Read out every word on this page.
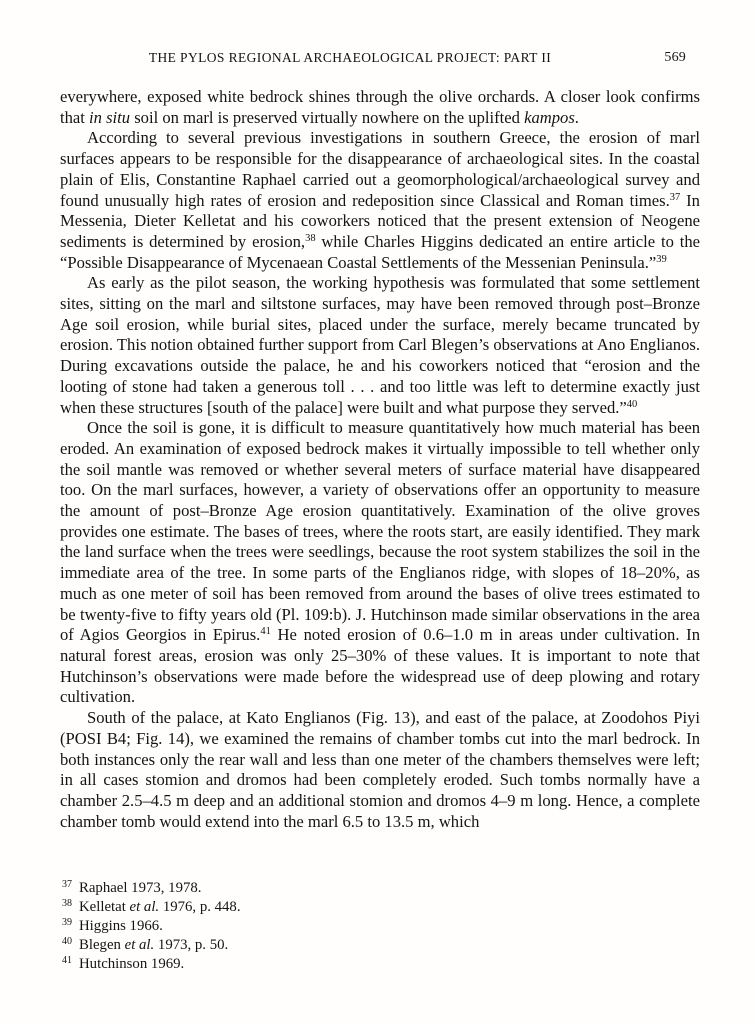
THE PYLOS REGIONAL ARCHAEOLOGICAL PROJECT: PART II	569

everywhere, exposed white bedrock shines through the olive orchards. A closer look confirms that in situ soil on marl is preserved virtually nowhere on the uplifted kampos.

According to several previous investigations in southern Greece, the erosion of marl surfaces appears to be responsible for the disappearance of archaeological sites. In the coastal plain of Elis, Constantine Raphael carried out a geomorphological/archaeological survey and found unusually high rates of erosion and redeposition since Classical and Roman times.$^{37}$ In Messenia, Dieter Kelletat and his coworkers noticed that the present extension of Neogene sediments is determined by erosion,$^{38}$ while Charles Higgins dedicated an entire article to the “Possible Disappearance of Mycenaean Coastal Settlements of the Messenian Peninsula.”$^{39}$

As early as the pilot season, the working hypothesis was formulated that some settlement sites, sitting on the marl and siltstone surfaces, may have been removed through post–Bronze Age soil erosion, while burial sites, placed under the surface, merely became truncated by erosion. This notion obtained further support from Carl Blegen’s observations at Ano Englianos. During excavations outside the palace, he and his coworkers noticed that “erosion and the looting of stone had taken a generous toll . . . and too little was left to determine exactly just when these structures [south of the palace] were built and what purpose they served.”$^{40}$

Once the soil is gone, it is difficult to measure quantitatively how much material has been eroded. An examination of exposed bedrock makes it virtually impossible to tell whether only the soil mantle was removed or whether several meters of surface material have disappeared too. On the marl surfaces, however, a variety of observations offer an opportunity to measure the amount of post–Bronze Age erosion quantitatively. Examination of the olive groves provides one estimate. The bases of trees, where the roots start, are easily identified. They mark the land surface when the trees were seedlings, because the root system stabilizes the soil in the immediate area of the tree. In some parts of the Englianos ridge, with slopes of 18–20%, as much as one meter of soil has been removed from around the bases of olive trees estimated to be twenty-five to fifty years old (Pl. 109:b). J. Hutchinson made similar observations in the area of Agios Georgios in Epirus.$^{41}$ He noted erosion of 0.6–1.0 m in areas under cultivation. In natural forest areas, erosion was only 25–30% of these values. It is important to note that Hutchinson’s observations were made before the widespread use of deep plowing and rotary cultivation.

South of the palace, at Kato Englianos (Fig. 13), and east of the palace, at Zoodohos Piyi (POSI B4; Fig. 14), we examined the remains of chamber tombs cut into the marl bedrock. In both instances only the rear wall and less than one meter of the chambers themselves were left; in all cases stomion and dromos had been completely eroded. Such tombs normally have a chamber 2.5–4.5 m deep and an additional stomion and dromos 4–9 m long. Hence, a complete chamber tomb would extend into the marl 6.5 to 13.5 m, which

$^{37}$ Raphael 1973, 1978.
$^{38}$ Kelletat et al. 1976, p. 448.
$^{39}$ Higgins 1966.
$^{40}$ Blegen et al. 1973, p. 50.
$^{41}$ Hutchinson 1969.
